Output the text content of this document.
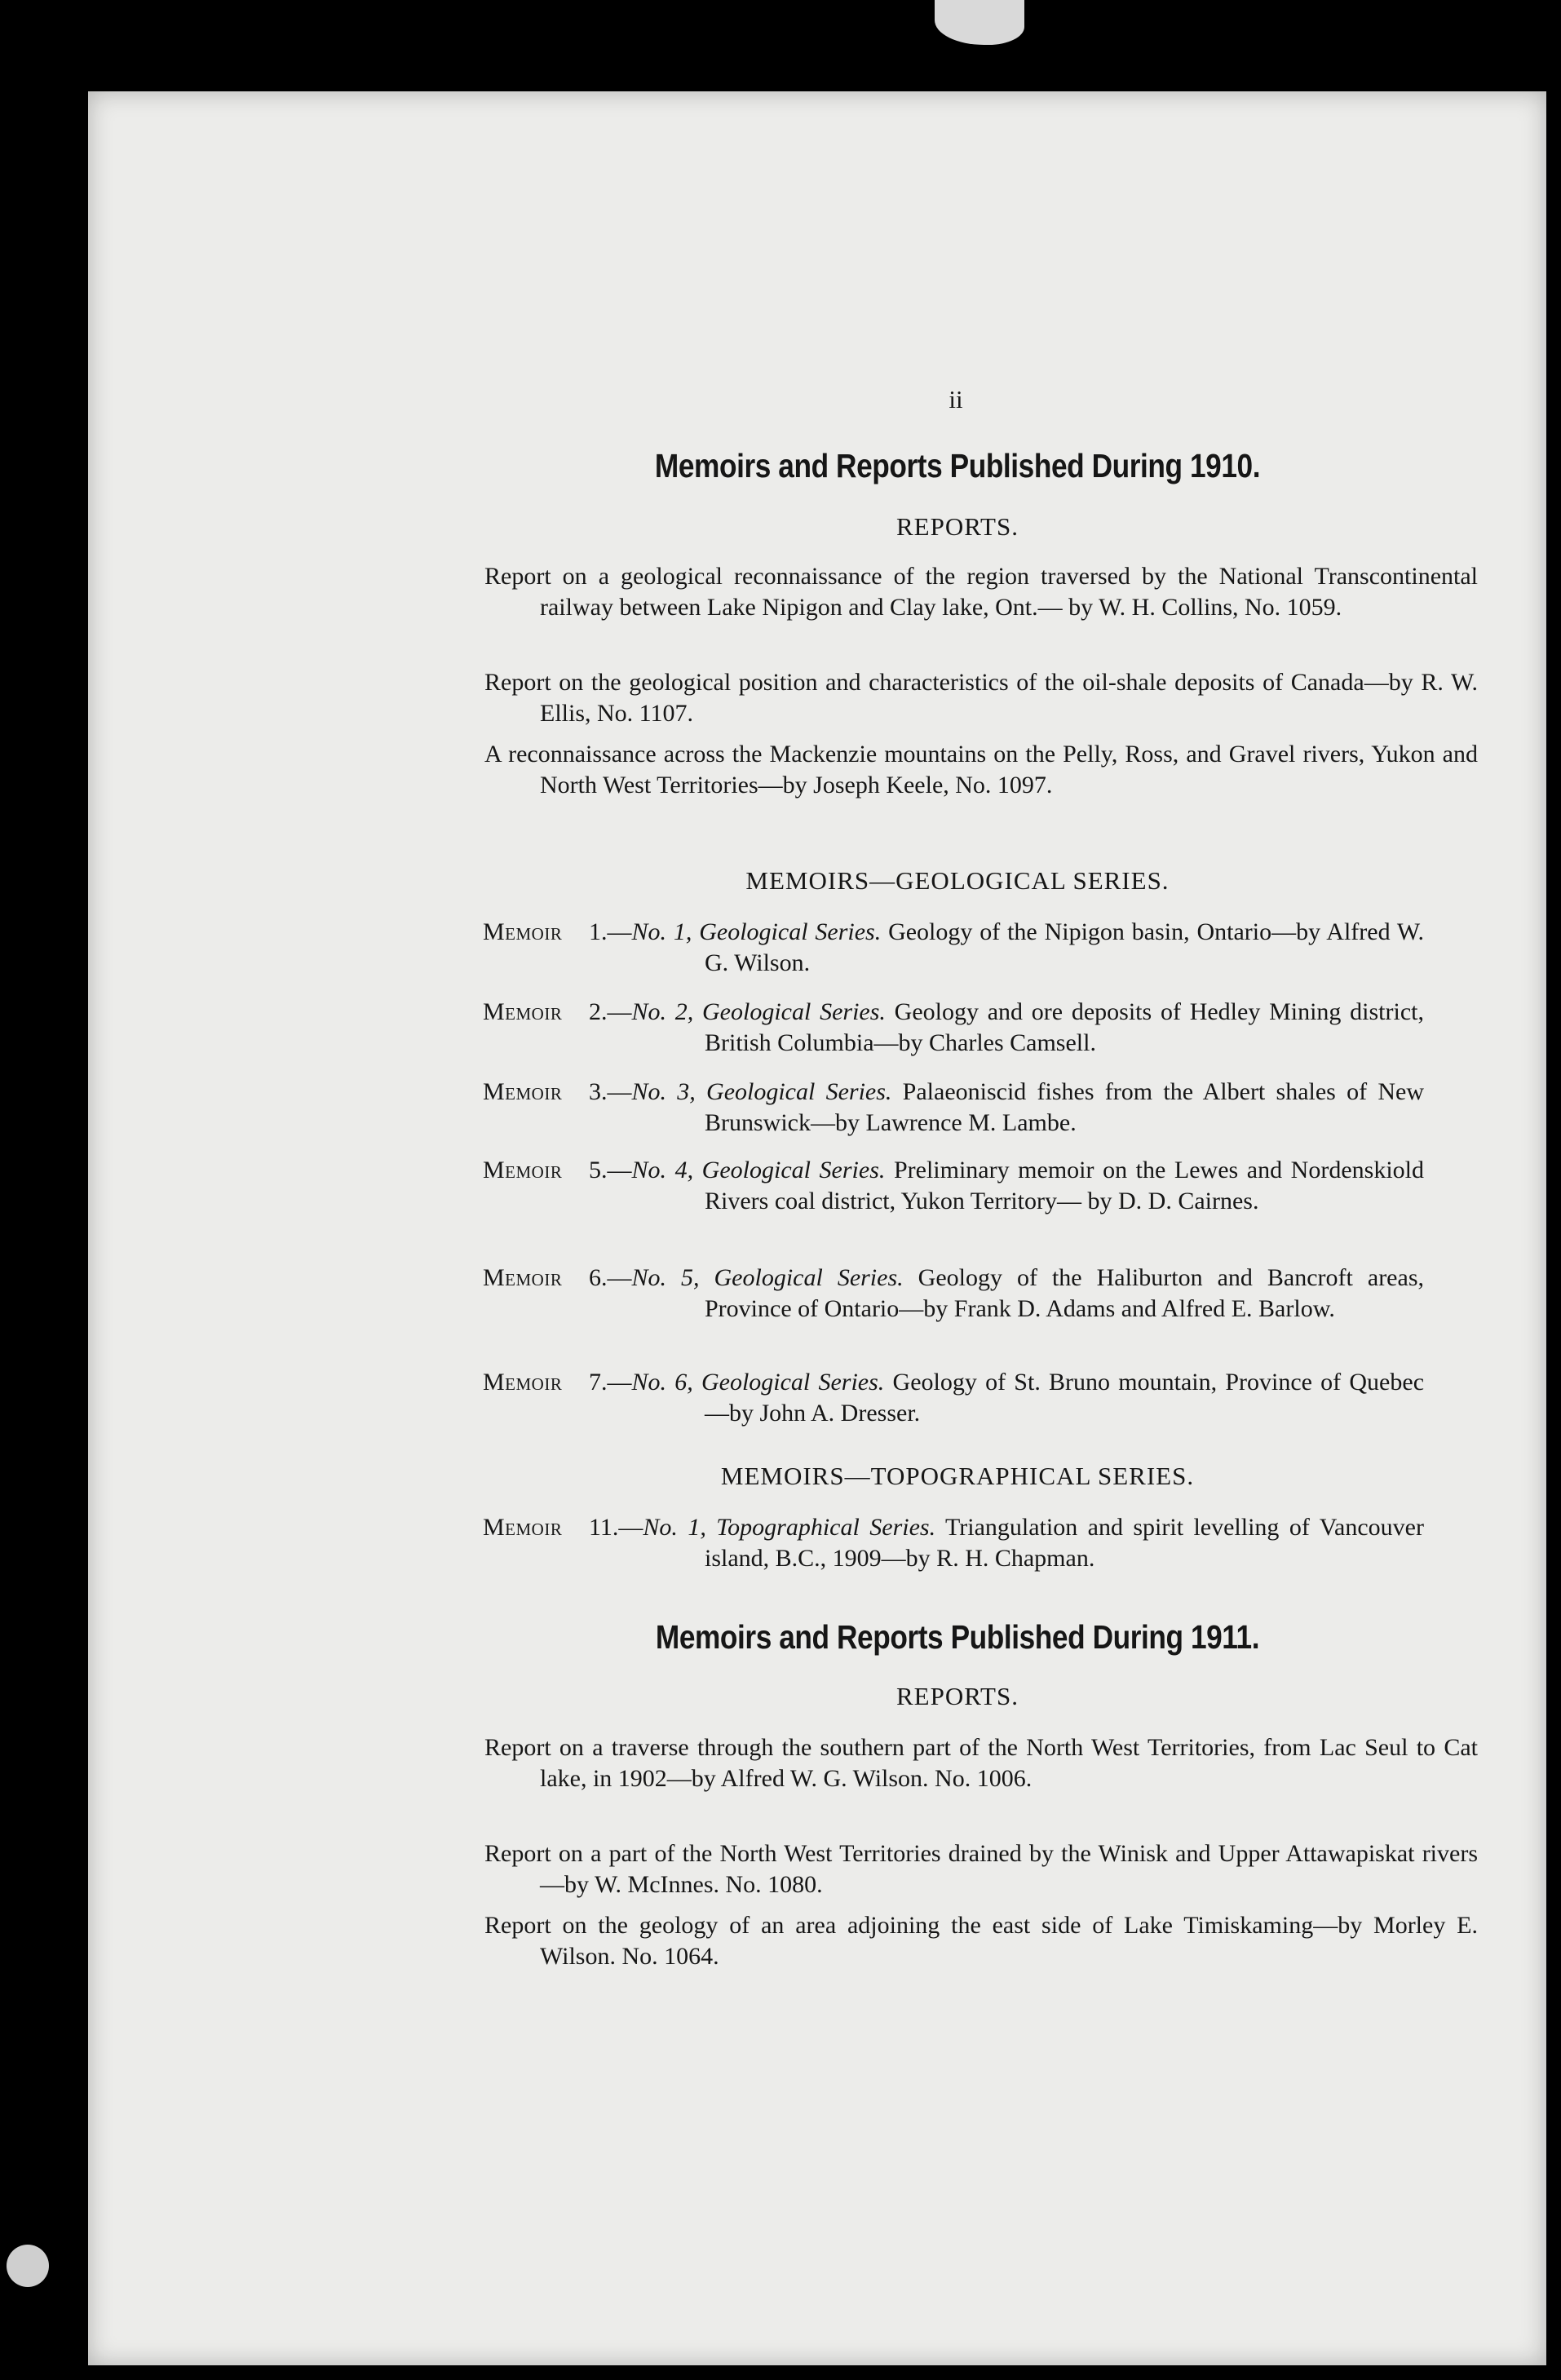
ii
Memoirs and Reports Published During 1910.
REPORTS.
Report on a geological reconnaissance of the region traversed by the National Transcontinental railway between Lake Nipigon and Clay lake, Ont.— by W. H. Collins, No. 1059.
Report on the geological position and characteristics of the oil-shale deposits of Canada—by R. W. Ellis, No. 1107.
A reconnaissance across the Mackenzie mountains on the Pelly, Ross, and Gravel rivers, Yukon and North West Territories—by Joseph Keele, No. 1097.
MEMOIRS—GEOLOGICAL SERIES.
Memoir 1.—No. 1, Geological Series. Geology of the Nipigon basin, Ontario—by Alfred W. G. Wilson.
Memoir 2.—No. 2, Geological Series. Geology and ore deposits of Hedley Mining district, British Columbia—by Charles Camsell.
Memoir 3.—No. 3, Geological Series. Palaeoniscid fishes from the Albert shales of New Brunswick—by Lawrence M. Lambe.
Memoir 5.—No. 4, Geological Series. Preliminary memoir on the Lewes and Nordenskiold Rivers coal district, Yukon Territory— by D. D. Cairnes.
Memoir 6.—No. 5, Geological Series. Geology of the Haliburton and Bancroft areas, Province of Ontario—by Frank D. Adams and Alfred E. Barlow.
Memoir 7.—No. 6, Geological Series. Geology of St. Bruno mountain, Province of Quebec—by John A. Dresser.
MEMOIRS—TOPOGRAPHICAL SERIES.
Memoir 11.—No. 1, Topographical Series. Triangulation and spirit levelling of Vancouver island, B.C., 1909—by R. H. Chapman.
Memoirs and Reports Published During 1911.
REPORTS.
Report on a traverse through the southern part of the North West Territories, from Lac Seul to Cat lake, in 1902—by Alfred W. G. Wilson. No. 1006.
Report on a part of the North West Territories drained by the Winisk and Upper Attawapiskat rivers—by W. McInnes. No. 1080.
Report on the geology of an area adjoining the east side of Lake Timiskaming—by Morley E. Wilson. No. 1064.
